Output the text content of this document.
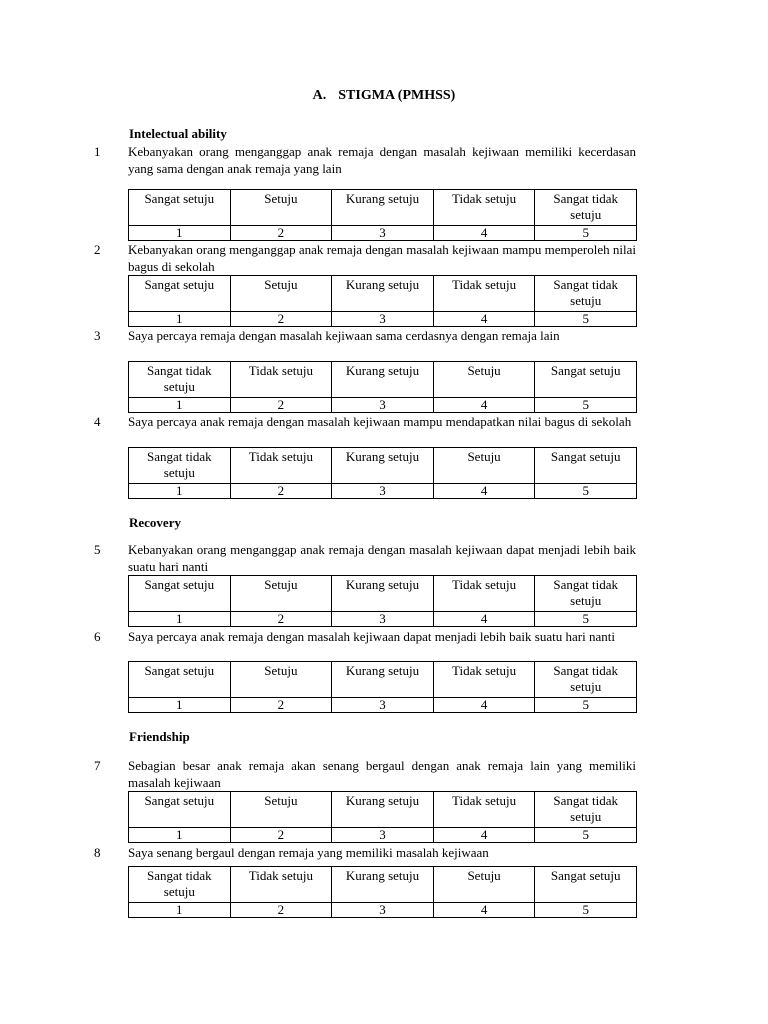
A. STIGMA (PMHSS)
Intelectual ability
1 Kebanyakan orang menganggap anak remaja dengan masalah kejiwaan memiliki kecerdasan yang sama dengan anak remaja yang lain
Sangat setuju	Setuju	Kurang setuju	Tidak setuju	Sangat tidak setuju
1	2	3	4	5
2 Kebanyakan orang menganggap anak remaja dengan masalah kejiwaan mampu memperoleh nilai bagus di sekolah
Sangat setuju	Setuju	Kurang setuju	Tidak setuju	Sangat tidak setuju
1	2	3	4	5
3 Saya percaya remaja dengan masalah kejiwaan sama cerdasnya dengan remaja lain
Sangat tidak setuju	Tidak setuju	Kurang setuju	Setuju	Sangat setuju
1	2	3	4	5
4 Saya percaya anak remaja dengan masalah kejiwaan mampu mendapatkan nilai bagus di sekolah
Sangat tidak setuju	Tidak setuju	Kurang setuju	Setuju	Sangat setuju
1	2	3	4	5
Recovery
5 Kebanyakan orang menganggap anak remaja dengan masalah kejiwaan dapat menjadi lebih baik suatu hari nanti
Sangat setuju	Setuju	Kurang setuju	Tidak setuju	Sangat tidak setuju
1	2	3	4	5
6 Saya percaya anak remaja dengan masalah kejiwaan dapat menjadi lebih baik suatu hari nanti
Sangat setuju	Setuju	Kurang setuju	Tidak setuju	Sangat tidak setuju
1	2	3	4	5
Friendship
7 Sebagian besar anak remaja akan senang bergaul dengan anak remaja lain yang memiliki masalah kejiwaan
Sangat setuju	Setuju	Kurang setuju	Tidak setuju	Sangat tidak setuju
1	2	3	4	5
8 Saya senang bergaul dengan remaja yang memiliki masalah kejiwaan
Sangat tidak setuju	Tidak setuju	Kurang setuju	Setuju	Sangat setuju
1	2	3	4	5
